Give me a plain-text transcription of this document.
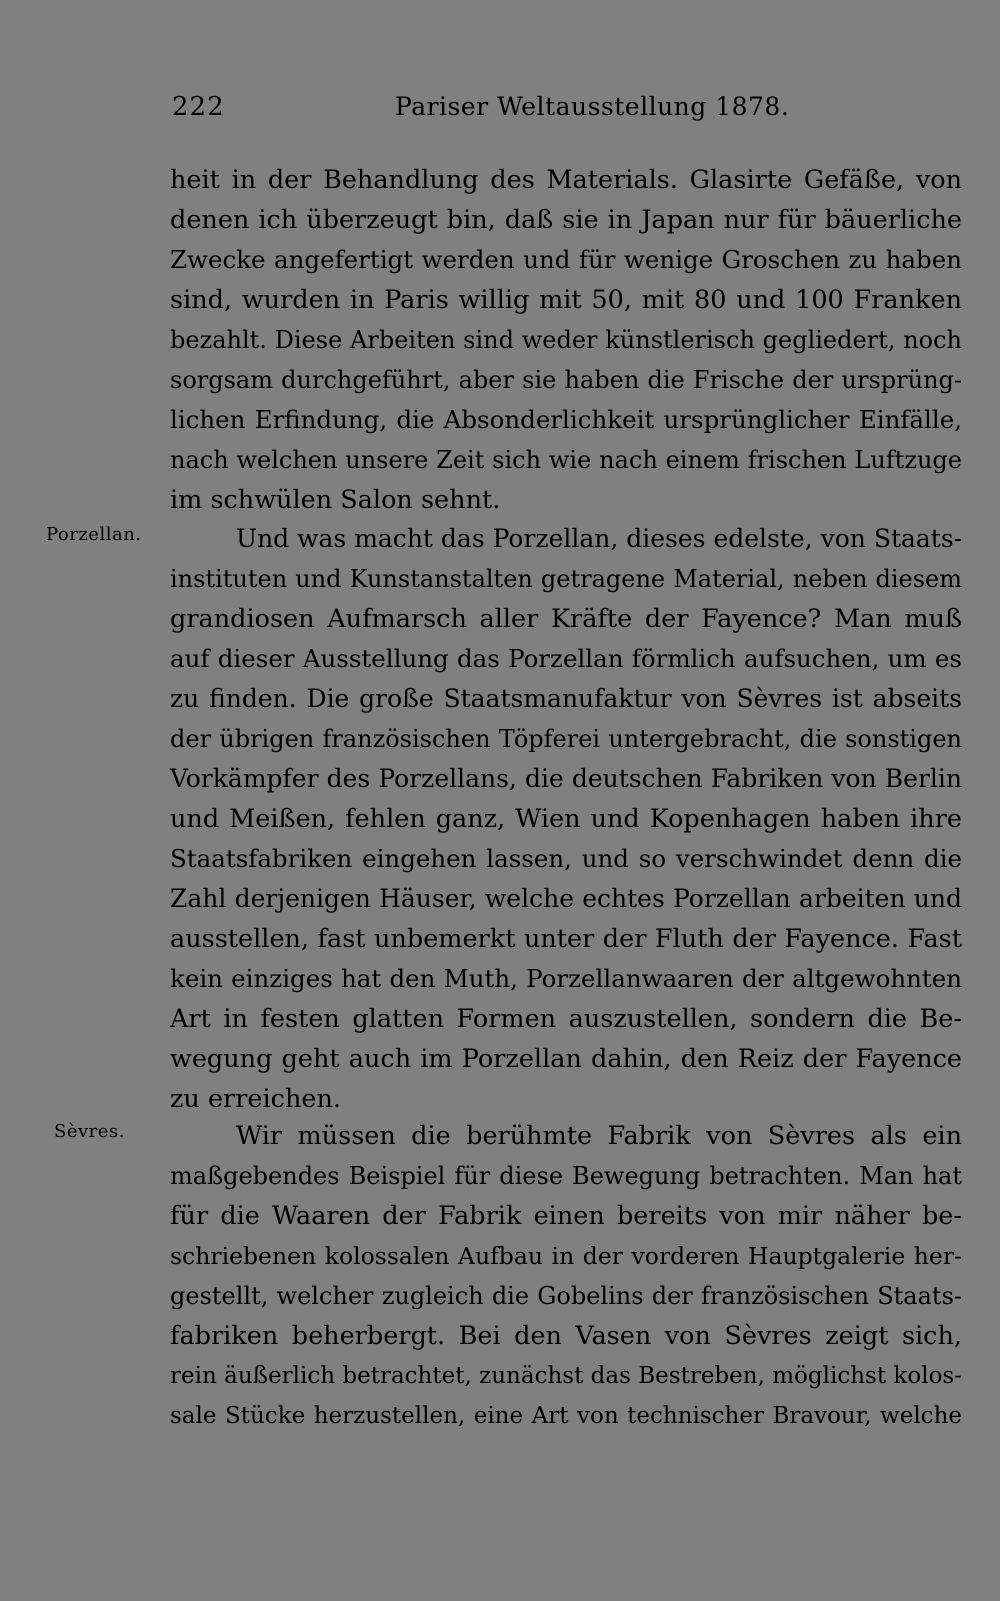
222	Pariser Weltausstellung 1878.
Porzellan.
Sèvres.
heit in der Behandlung des Materials. Glasirte Gefäße, von
denen ich überzeugt bin, daß sie in Japan nur für bäuerliche
Zwecke angefertigt werden und für wenige Groschen zu haben
sind, wurden in Paris willig mit 50, mit 80 und 100 Franken
bezahlt. Diese Arbeiten sind weder künstlerisch gegliedert, noch
sorgsam durchgeführt, aber sie haben die Frische der ursprüng-
lichen Erfindung, die Absonderlichkeit ursprünglicher Einfälle,
nach welchen unsere Zeit sich wie nach einem frischen Luftzuge
im schwülen Salon sehnt.
Und was macht das Porzellan, dieses edelste, von Staats-
instituten und Kunstanstalten getragene Material, neben diesem
grandiosen Aufmarsch aller Kräfte der Fayence? Man muß
auf dieser Ausstellung das Porzellan förmlich aufsuchen, um es
zu finden. Die große Staatsmanufaktur von Sèvres ist abseits
der übrigen französischen Töpferei untergebracht, die sonstigen
Vorkämpfer des Porzellans, die deutschen Fabriken von Berlin
und Meißen, fehlen ganz, Wien und Kopenhagen haben ihre
Staatsfabriken eingehen lassen, und so verschwindet denn die
Zahl derjenigen Häuser, welche echtes Porzellan arbeiten und
ausstellen, fast unbemerkt unter der Fluth der Fayence. Fast
kein einziges hat den Muth, Porzellanwaaren der altgewohnten
Art in festen glatten Formen auszustellen, sondern die Be-
wegung geht auch im Porzellan dahin, den Reiz der Fayence
zu erreichen.
Wir müssen die berühmte Fabrik von Sèvres als ein
maßgebendes Beispiel für diese Bewegung betrachten. Man hat
für die Waaren der Fabrik einen bereits von mir näher be-
schriebenen kolossalen Aufbau in der vorderen Hauptgalerie her-
gestellt, welcher zugleich die Gobelins der französischen Staats-
fabriken beherbergt. Bei den Vasen von Sèvres zeigt sich,
rein äußerlich betrachtet, zunächst das Bestreben, möglichst kolos-
sale Stücke herzustellen, eine Art von technischer Bravour, welche
